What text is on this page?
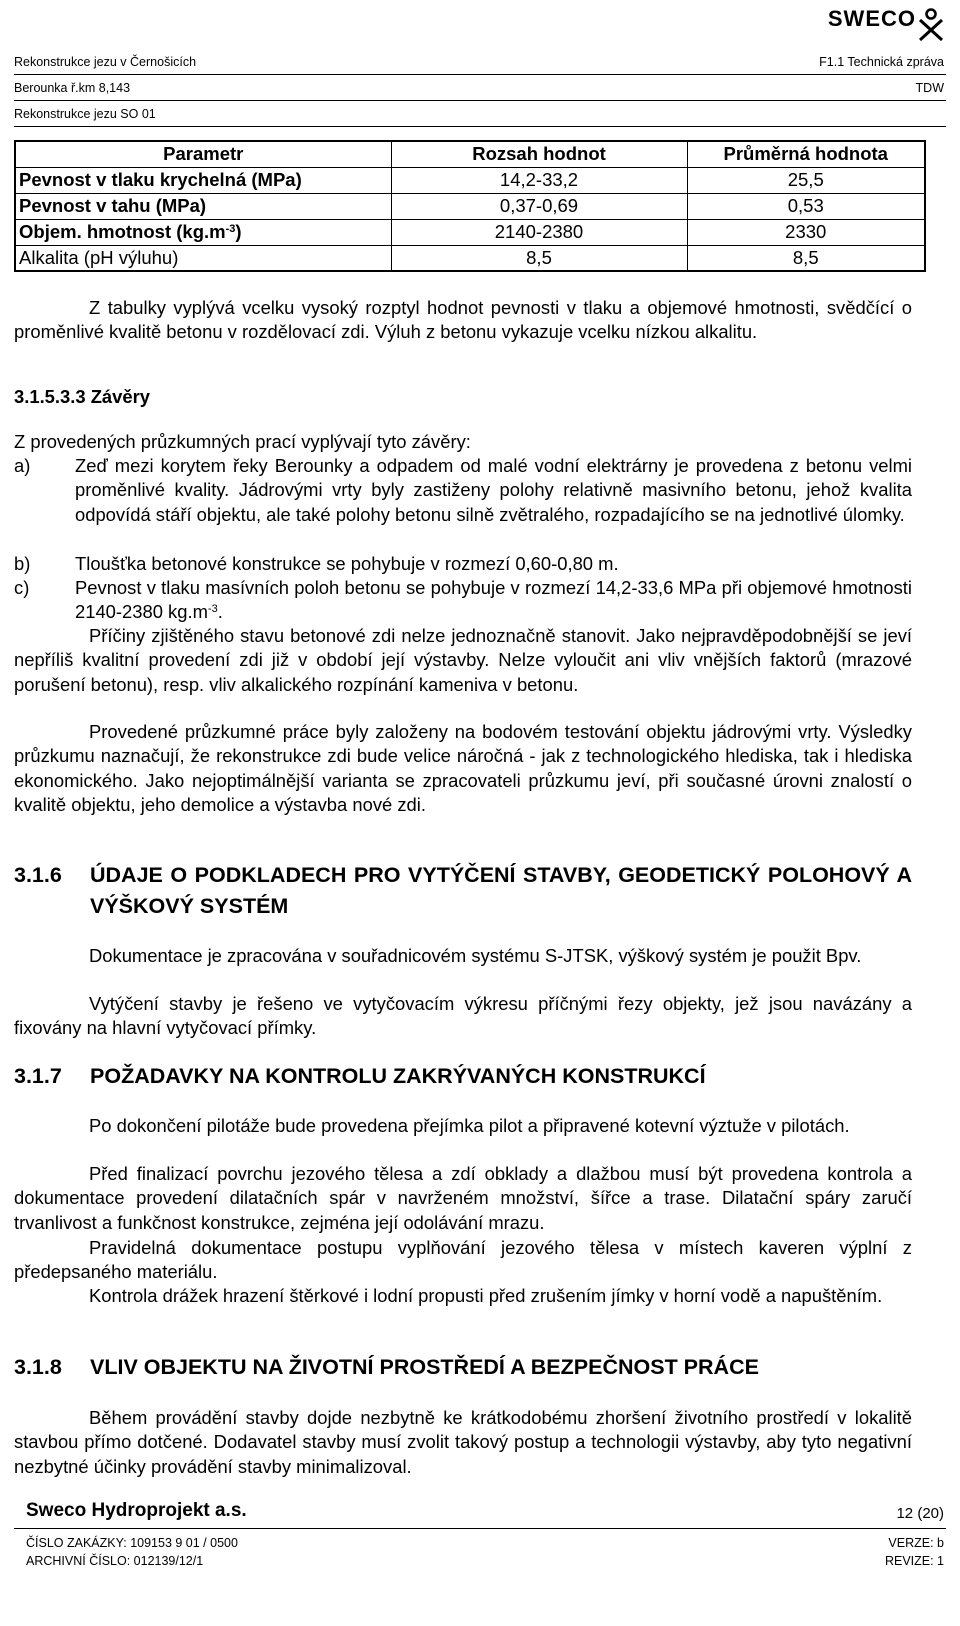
Rekonstrukce jezu v Černošicích
Berounka ř.km 8,143
Rekonstrukce jezu SO 01
F1.1 Technická zpráva
TDW
SWECO
Parametr	Rozsah hodnot	Průměrná hodnota
Pevnost v tlaku krychelná (MPa)	14,2-33,2	25,5
Pevnost v tahu (MPa)	0,37-0,69	0,53
Objem. hmotnost $(kg.m^{-3})$	2140-2380	2330
Alkalita (pH výluhu)	8,5	8,5
Z tabulky vyplývá vcelku vysoký rozptyl hodnot pevnosti v tlaku a objemové hmotnosti, svědčící o proměnlivé kvalitě betonu v rozdělovací zdi. Výluh z betonu vykazuje vcelku nízkou alkalitu.
3.1.5.3.3 Závěry
Z provedených průzkumných prací vyplývají tyto závěry:
a) Zeď mezi korytem řeky Berounky a odpadem od malé vodní elektrárny je provedena z betonu velmi proměnlivé kvality. Jádrovými vrty byly zastiženy polohy relativně masivního betonu, jehož kvalita odpovídá stáří objektu, ale také polohy betonu silně zvětralého, rozpadajícího se na jednotlivé úlomky.
b) Tloušťka betonové konstrukce se pohybuje v rozmezí 0,60-0,80 m.
c) Pevnost v tlaku masívních poloh betonu se pohybuje v rozmezí 14,2-33,6 MPa při objemové hmotnosti 2140-2380 $kg.m^{-3}$.
Příčiny zjištěného stavu betonové zdi nelze jednoznačně stanovit. Jako nejpravděpodobnější se jeví nepříliš kvalitní provedení zdi již v období její výstavby. Nelze vyloučit ani vliv vnějších faktorů (mrazové porušení betonu), resp. vliv alkalického rozpínání kameniva v betonu.
Provedené průzkumné práce byly založeny na bodovém testování objektu jádrovými vrty. Výsledky průzkumu naznačují, že rekonstrukce zdi bude velice náročná - jak z technologického hlediska, tak i hlediska ekonomického. Jako nejoptimálnější varianta se zpracovateli průzkumu jeví, při současné úrovni znalostí o kvalitě objektu, jeho demolice a výstavba nové zdi.
3.1.6 ÚDAJE O PODKLADECH PRO VYTÝČENÍ STAVBY, GEODETICKÝ POLOHOVÝ A VÝŠKOVÝ SYSTÉM
Dokumentace je zpracována v souřadnicovém systému S-JTSK, výškový systém je použit Bpv.
Vytýčení stavby je řešeno ve vytyčovacím výkresu příčnými řezy objekty, jež jsou navázány a fixovány na hlavní vytyčovací přímky.
3.1.7 POŽADAVKY NA KONTROLU ZAKRÝVANÝCH KONSTRUKCÍ
Po dokončení pilotáže bude provedena přejímka pilot a připravené kotevní výztuže v pilotách.
Před finalizací povrchu jezového tělesa a zdí obklady a dlažbou musí být provedena kontrola a dokumentace provedení dilatačních spár v navrženém množství, šířce a trase. Dilatační spáry zaručí trvanlivost a funkčnost konstrukce, zejména její odolávání mrazu.
Pravidelná dokumentace postupu vyplňování jezového tělesa v místech kaveren výplní z předepsaného materiálu.
Kontrola drážek hrazení štěrkové i lodní propusti před zrušením jímky v horní vodě a napuštěním.
3.1.8 VLIV OBJEKTU NA ŽIVOTNÍ PROSTŘEDÍ A BEZPEČNOST PRÁCE
Během provádění stavby dojde nezbytně ke krátkodobému zhoršení životního prostředí v lokalitě stavbou přímo dotčené. Dodavatel stavby musí zvolit takový postup a technologii výstavby, aby tyto negativní nezbytné účinky provádění stavby minimalizoval.
Sweco Hydroprojekt a.s.	12 (20)
ČÍSLO ZAKÁZKY: 109153 9 01 / 0500	VERZE: b
ARCHIVNÍ ČÍSLO: 012139/12/1	REVIZE: 1
